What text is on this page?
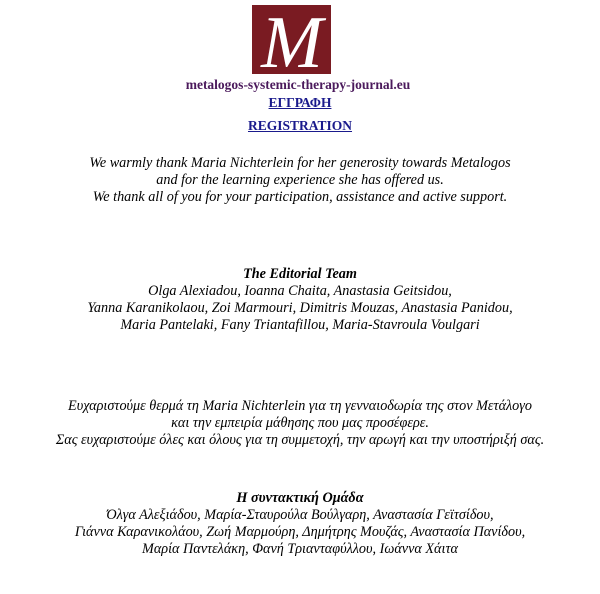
M
metalogos-systemic-therapy-journal.eu
ΕΓΓΡΑΦΗ
REGISTRATION
We warmly thank Maria Nichterlein for her generosity towards Metalogos
and for the learning experience she has offered us.
We thank all of you for your participation, assistance and active support.
The Editorial Team
Olga Alexiadou, Ioanna Chaita, Anastasia Geitsidou,
Yanna Karanikolaou, Zoi Marmouri, Dimitris Mouzas, Anastasia Panidou,
Maria Pantelaki, Fany Triantafillou, Maria-Stavroula Voulgari
Ευχαριστούμε θερμά τη Maria Nichterlein για τη γενναιοδωρία της στον Μετάλογο
και την εμπειρία μάθησης που μας προσέφερε.
Σας ευχαριστούμε όλες και όλους για τη συμμετοχή, την αρωγή και την υποστήριξή σας.
Η συντακτική Ομάδα
Όλγα Αλεξιάδου, Μαρία-Σταυρούλα Βούλγαρη, Αναστασία Γεϊτσίδου,
Γιάννα Καρανικολάου, Ζωή Μαρμούρη, Δημήτρης Μουζάς, Αναστασία Πανίδου,
Μαρία Παντελάκη, Φανή Τριανταφύλλου, Ιωάννα Χάιτα
